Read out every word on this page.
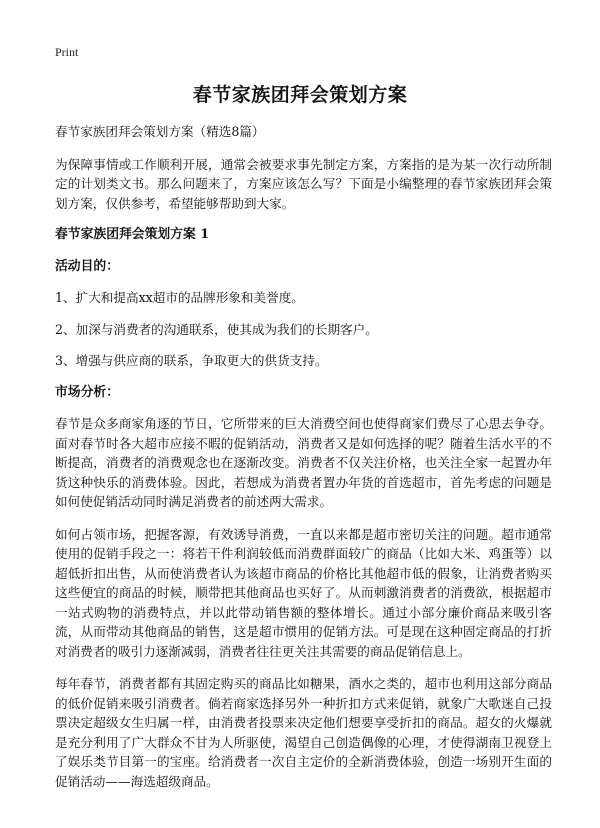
Print
春节家族团拜会策划方案

春节家族团拜会策划方案（精选8篇）

为保障事情或工作顺利开展，通常会被要求事先制定方案，方案指的是为某一次行动所制定的计划类文书。那么问题来了，方案应该怎么写？下面是小编整理的春节家族团拜会策划方案，仅供参考，希望能够帮助到大家。

春节家族团拜会策划方案 1
活动目的：

1、扩大和提高xx超市的品牌形象和美誉度。

2、加深与消费者的沟通联系，使其成为我们的长期客户。

3、增强与供应商的联系，争取更大的供货支持。

市场分析：

春节是众多商家角逐的节日，它所带来的巨大消费空间也使得商家们费尽了心思去争夺。面对春节时各大超市应接不暇的促销活动，消费者又是如何选择的呢？随着生活水平的不断提高，消费者的消费观念也在逐渐改变。消费者不仅关注价格，也关注全家一起置办年货这种快乐的消费体验。因此，若想成为消费者置办年货的首选超市，首先考虑的问题是如何使促销活动同时满足消费者的前述两大需求。

如何占领市场，把握客源，有效诱导消费，一直以来都是超市密切关注的问题。超市通常使用的促销手段之一：将若干件利润较低而消费群面较广的商品（比如大米、鸡蛋等）以超低折扣出售，从而使消费者认为该超市商品的价格比其他超市低的假象，让消费者购买这些便宜的商品的时候，顺带把其他商品也买好了。从而刺激消费者的消费欲，根据超市一站式购物的消费特点，并以此带动销售额的整体增长。通过小部分廉价商品来吸引客流，从而带动其他商品的销售，这是超市惯用的促销方法。可是现在这种固定商品的打折对消费者的吸引力逐渐减弱，消费者往往更关注其需要的商品促销信息上。

每年春节，消费者都有其固定购买的商品比如糖果，酒水之类的，超市也利用这部分商品的低价促销来吸引消费者。倘若商家选择另外一种折扣方式来促销，就象广大歌迷自己投票决定超级女生归属一样，由消费者投票来决定他们想要享受折扣的商品。超女的火爆就是充分利用了广大群众不甘为人所驱使，渴望自己创造偶像的心理，才使得湖南卫视登上了娱乐类节目第一的宝座。给消费者一次自主定价的全新消费体验，创造一场别开生面的促销活动——海选超级商品。
